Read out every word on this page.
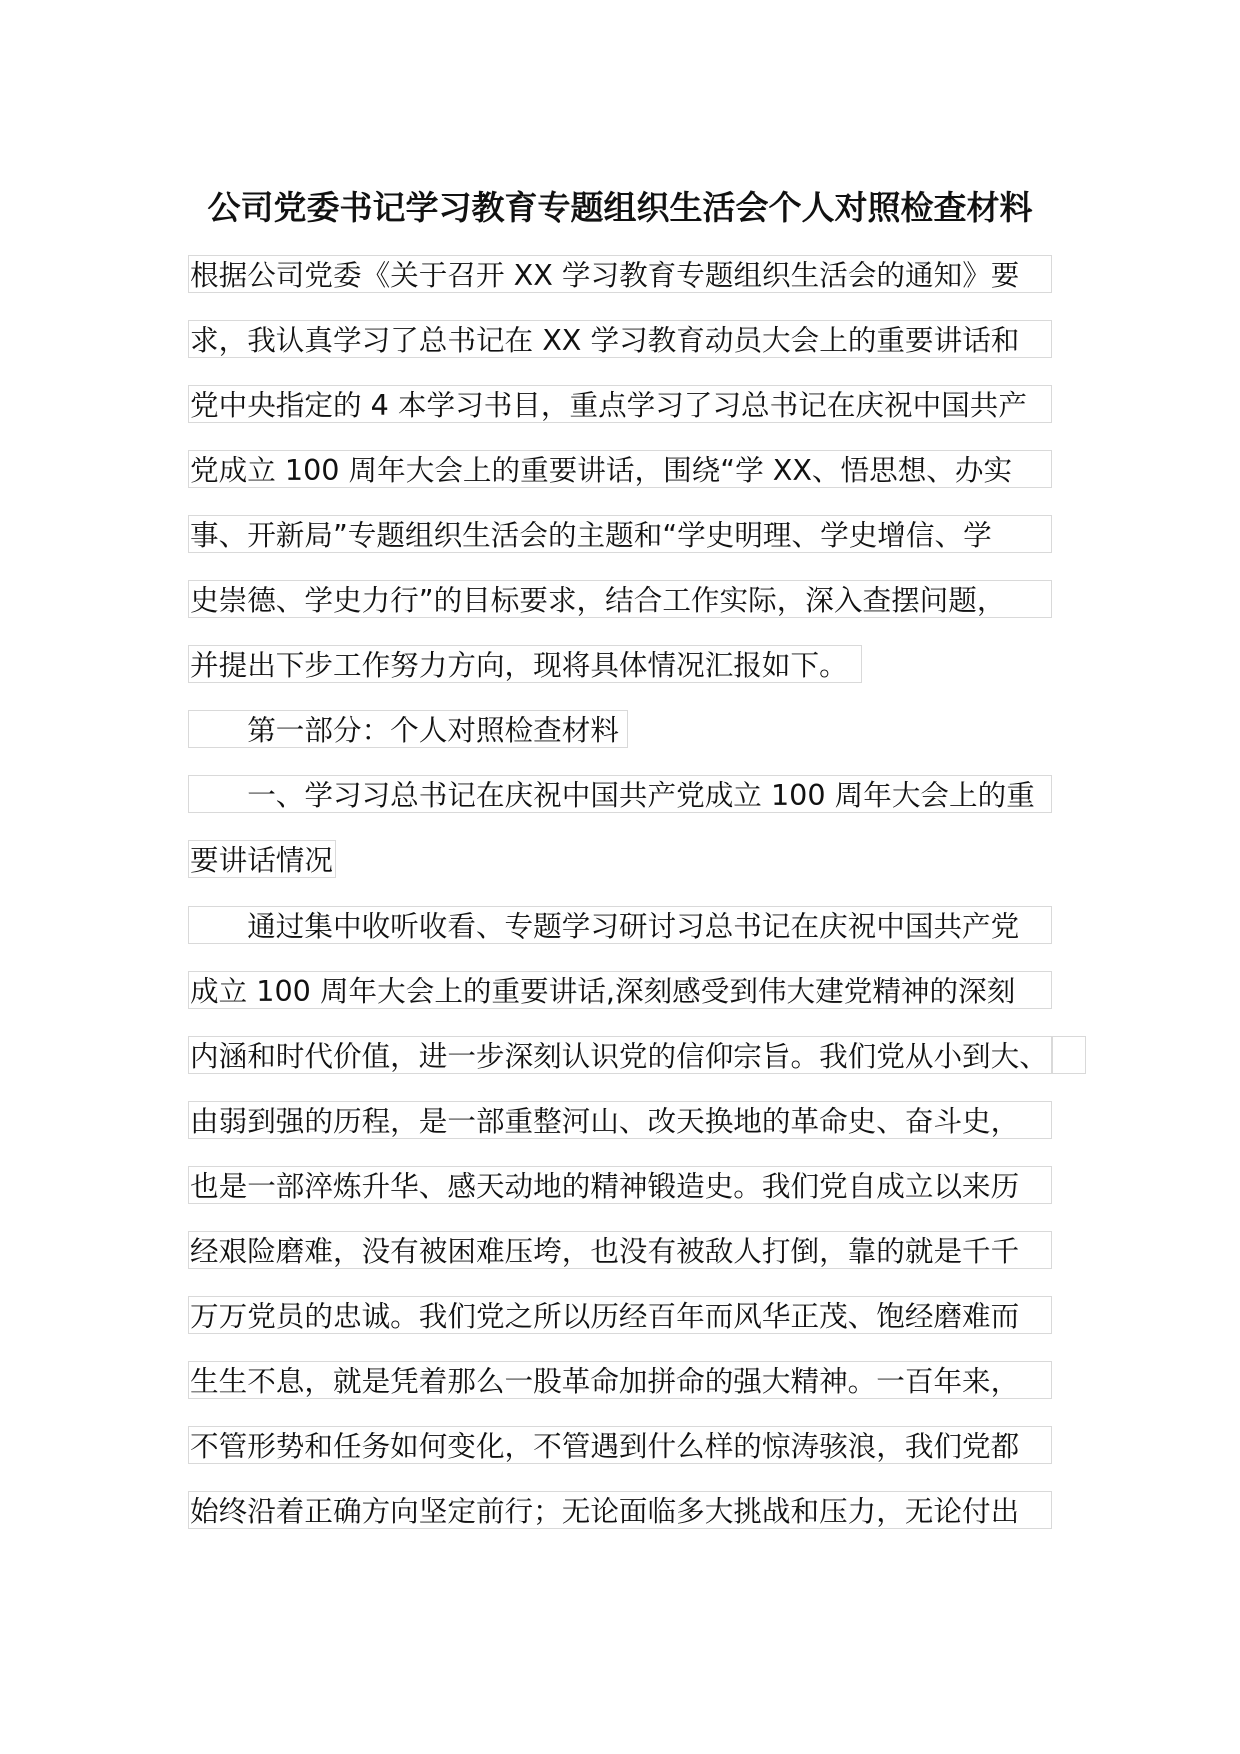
公司党委书记学习教育专题组织生活会个人对照检查材料
根据公司党委《关于召开 XX 学习教育专题组织生活会的通知》要
求，我认真学习了总书记在 XX 学习教育动员大会上的重要讲话和
党中央指定的 4 本学习书目，重点学习了习总书记在庆祝中国共产
党成立 100 周年大会上的重要讲话，围绕“学 XX、悟思想、办实
事、开新局”专题组织生活会的主题和“学史明理、学史增信、学
史崇德、学史力行”的目标要求，结合工作实际，深入查摆问题，
并提出下步工作努力方向，现将具体情况汇报如下。
　　第一部分：个人对照检查材料
　　一、学习习总书记在庆祝中国共产党成立 100 周年大会上的重
要讲话情况
　　通过集中收听收看、专题学习研讨习总书记在庆祝中国共产党
成立 100 周年大会上的重要讲话,深刻感受到伟大建党精神的深刻
内涵和时代价值，进一步深刻认识党的信仰宗旨。我们党从小到大、
由弱到强的历程，是一部重整河山、改天换地的革命史、奋斗史，
也是一部淬炼升华、感天动地的精神锻造史。我们党自成立以来历
经艰险磨难，没有被困难压垮，也没有被敌人打倒，靠的就是千千
万万党员的忠诚。我们党之所以历经百年而风华正茂、饱经磨难而
生生不息，就是凭着那么一股革命加拼命的强大精神。一百年来，
不管形势和任务如何变化，不管遇到什么样的惊涛骇浪，我们党都
始终沿着正确方向坚定前行；无论面临多大挑战和压力，无论付出
